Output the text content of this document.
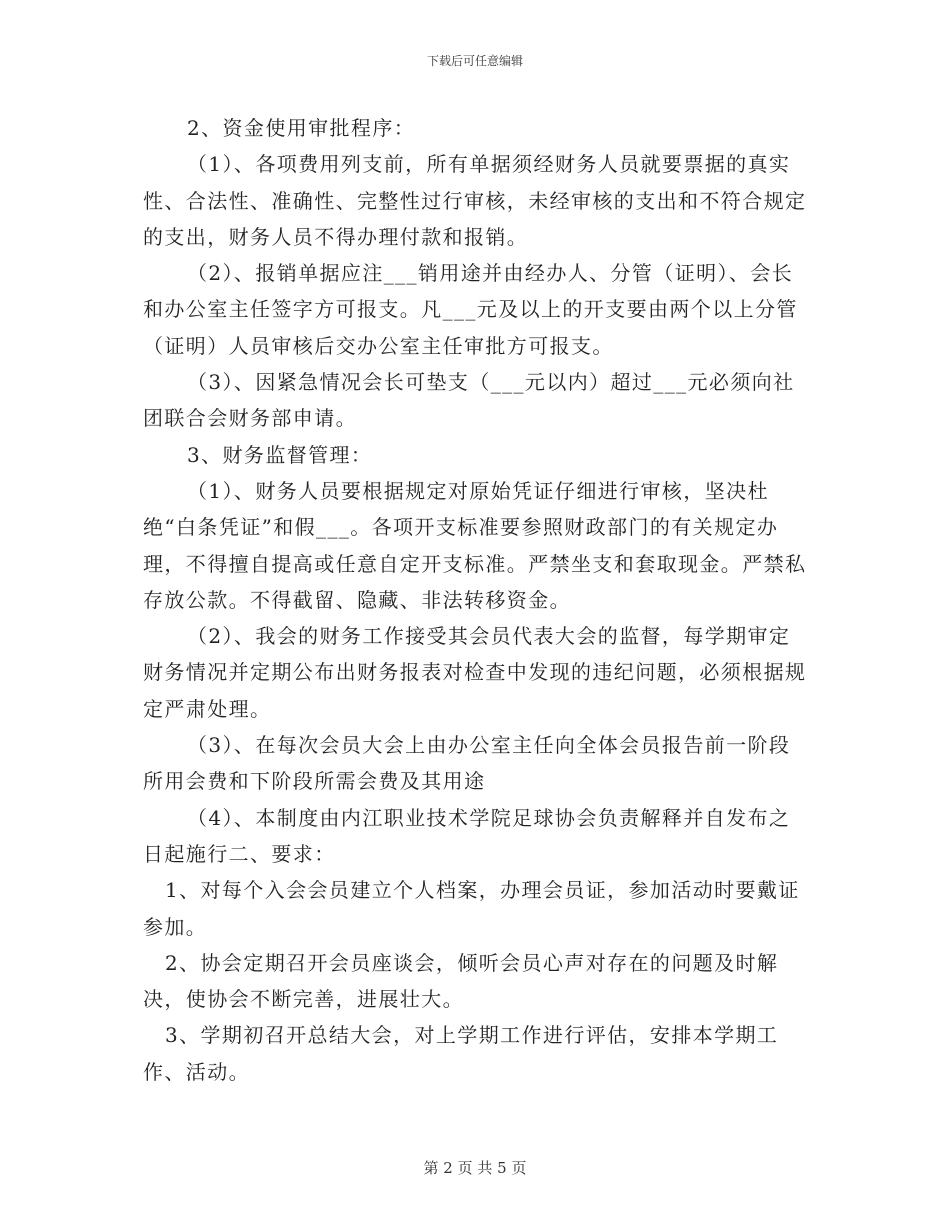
下载后可任意编辑

2、资金使用审批程序：

（1）、各项费用列支前，所有单据须经财务人员就要票据的真实性、合法性、准确性、完整性过行审核，未经审核的支出和不符合规定的支出，财务人员不得办理付款和报销。

（2）、报销单据应注___销用途并由经办人、分管（证明）、会长和办公室主任签字方可报支。凡___元及以上的开支要由两个以上分管（证明）人员审核后交办公室主任审批方可报支。

（3）、因紧急情况会长可垫支（___元以内）超过___元必须向社团联合会财务部申请。

3、财务监督管理：

（1）、财务人员要根据规定对原始凭证仔细进行审核，坚决杜绝“白条凭证”和假___。各项开支标准要参照财政部门的有关规定办理，不得擅自提高或任意自定开支标准。严禁坐支和套取现金。严禁私存放公款。不得截留、隐藏、非法转移资金。

（2）、我会的财务工作接受其会员代表大会的监督，每学期审定财务情况并定期公布出财务报表对检查中发现的违纪问题，必须根据规定严肃处理。

（3）、在每次会员大会上由办公室主任向全体会员报告前一阶段所用会费和下阶段所需会费及其用途

（4）、本制度由内江职业技术学院足球协会负责解释并自发布之日起施行二、要求：

1、对每个入会会员建立个人档案，办理会员证，参加活动时要戴证参加。

2、协会定期召开会员座谈会，倾听会员心声对存在的问题及时解决，使协会不断完善，进展壮大。

3、学期初召开总结大会，对上学期工作进行评估，安排本学期工作、活动。

第 2 页 共 5 页
